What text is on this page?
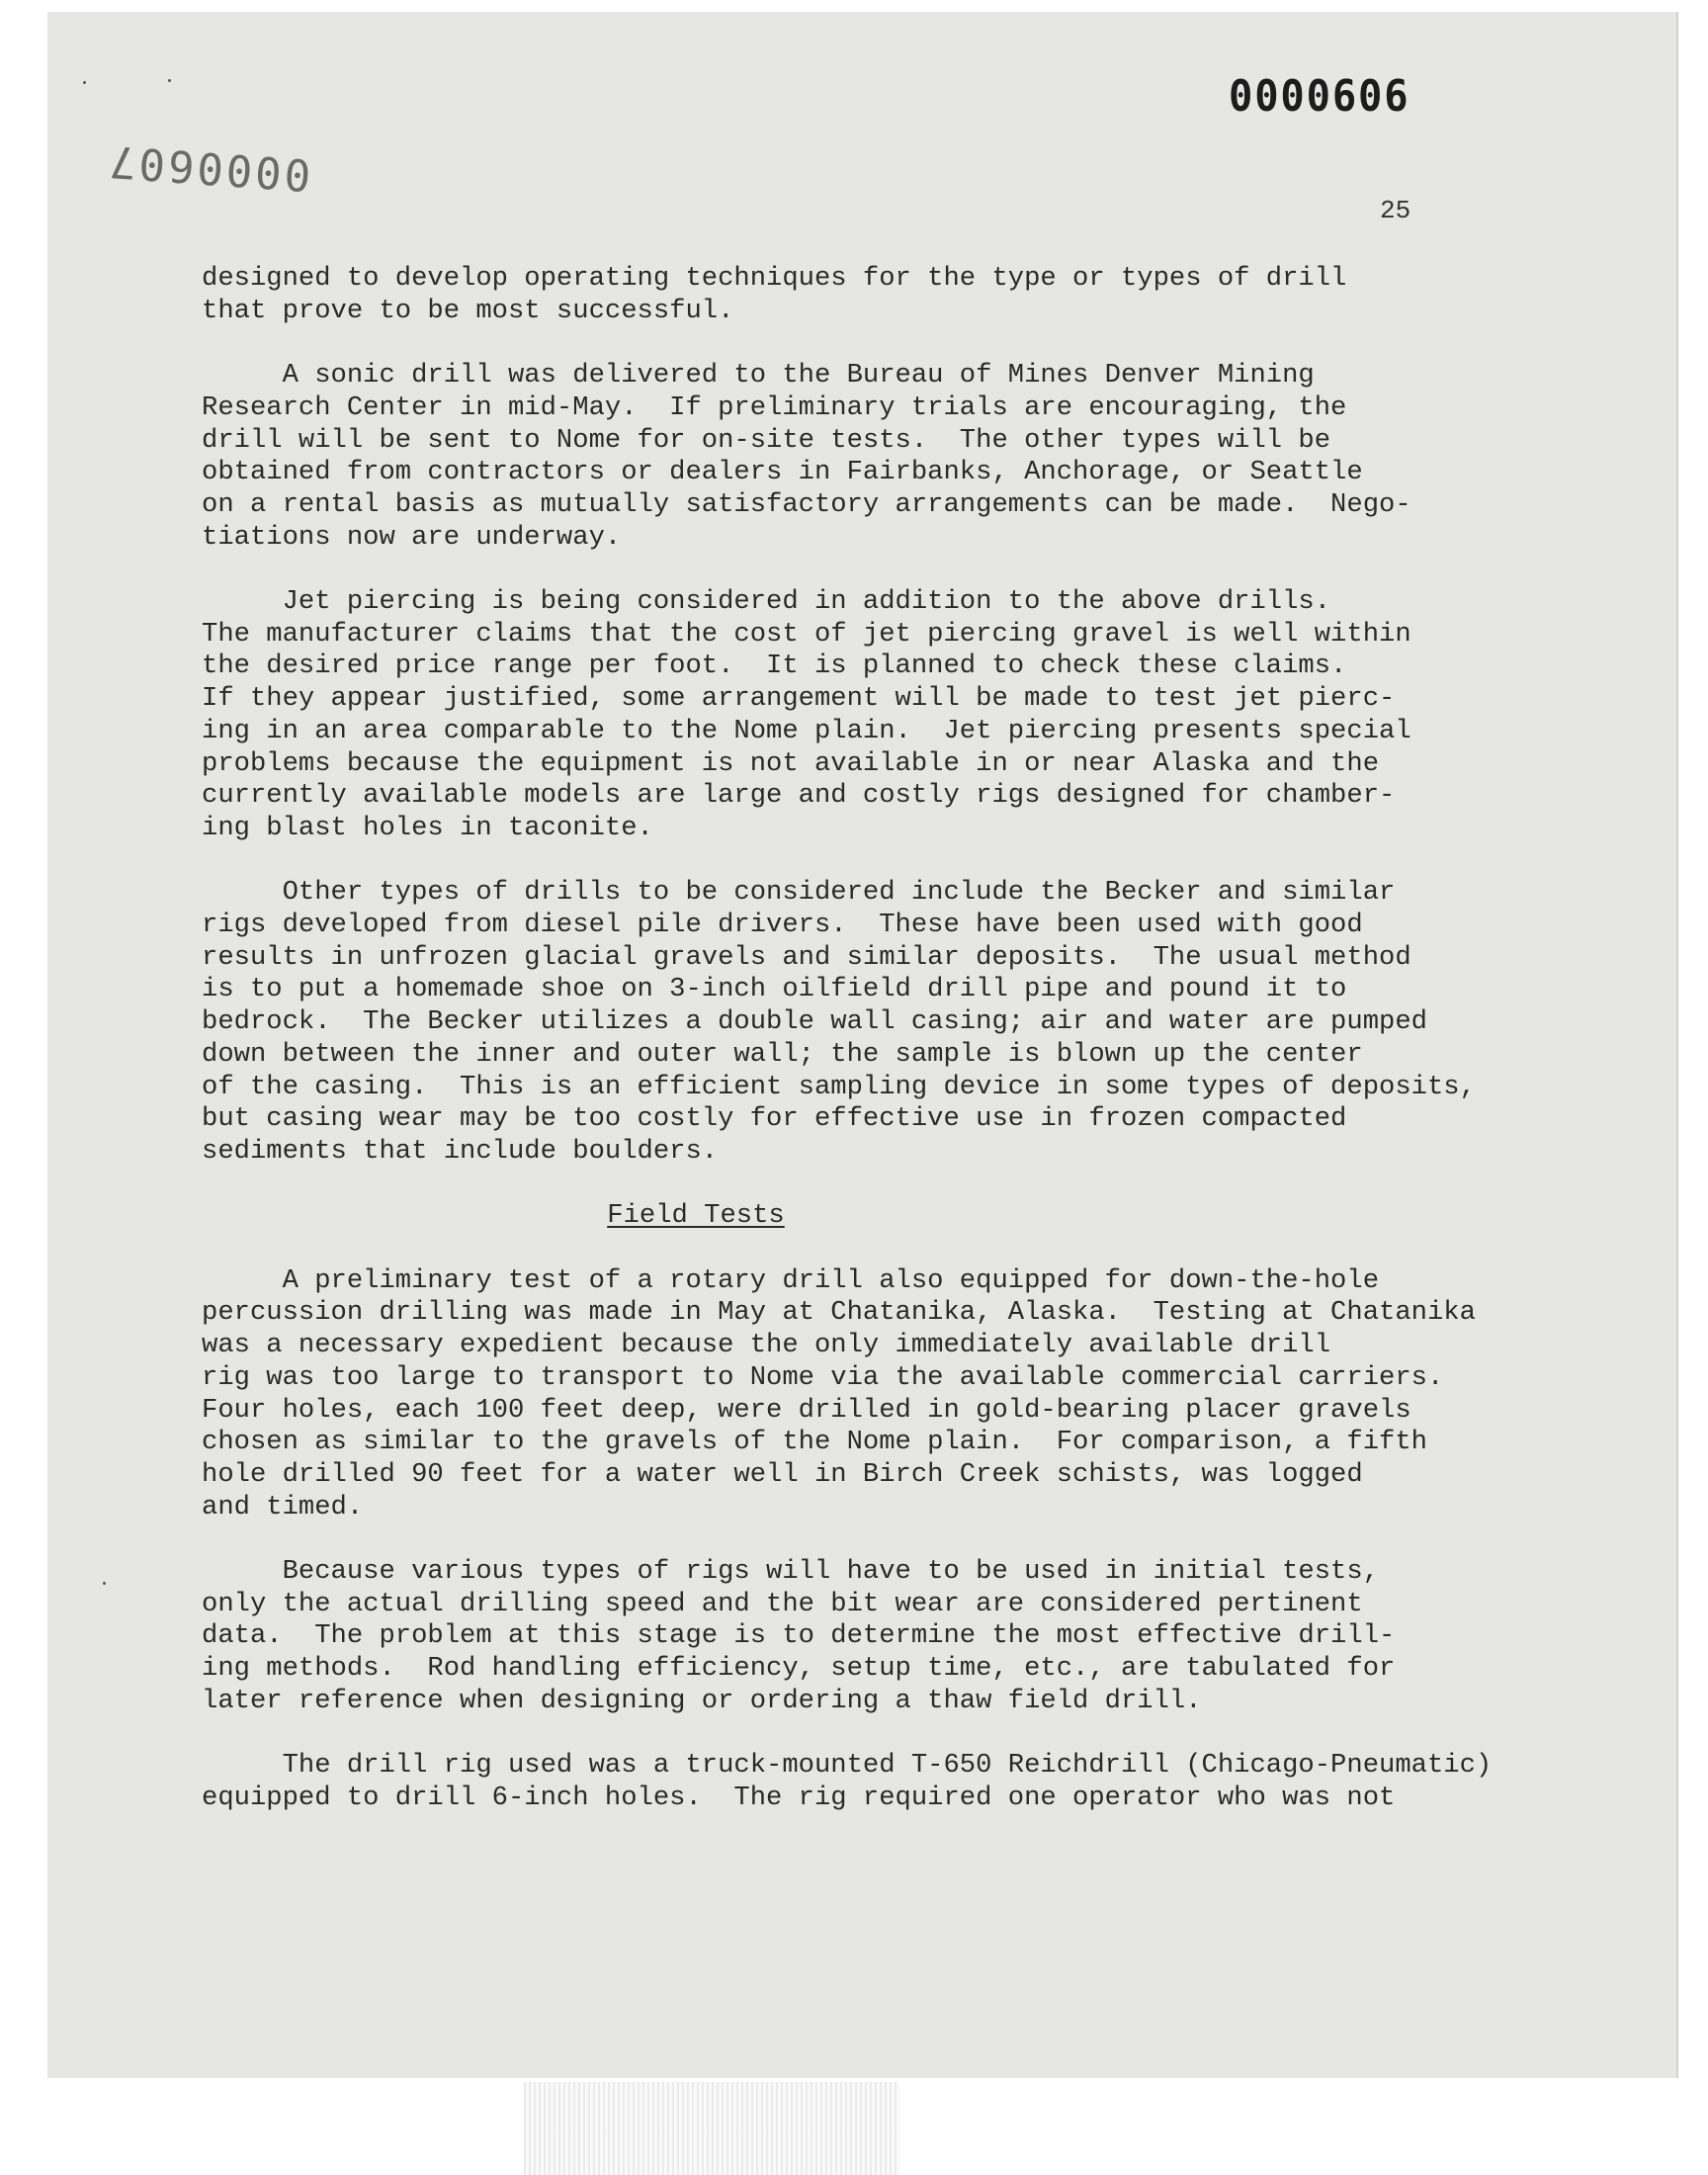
0000606
0000607
25
designed to develop operating techniques for the type or types of drill
that prove to be most successful.
A sonic drill was delivered to the Bureau of Mines Denver Mining
Research Center in mid-May.  If preliminary trials are encouraging, the
drill will be sent to Nome for on-site tests.  The other types will be
obtained from contractors or dealers in Fairbanks, Anchorage, or Seattle
on a rental basis as mutually satisfactory arrangements can be made.  Nego-
tiations now are underway.
Jet piercing is being considered in addition to the above drills.
The manufacturer claims that the cost of jet piercing gravel is well within
the desired price range per foot.  It is planned to check these claims.
If they appear justified, some arrangement will be made to test jet pierc-
ing in an area comparable to the Nome plain.  Jet piercing presents special
problems because the equipment is not available in or near Alaska and the
currently available models are large and costly rigs designed for chamber-
ing blast holes in taconite.
Other types of drills to be considered include the Becker and similar
rigs developed from diesel pile drivers.  These have been used with good
results in unfrozen glacial gravels and similar deposits.  The usual method
is to put a homemade shoe on 3-inch oilfield drill pipe and pound it to
bedrock.  The Becker utilizes a double wall casing; air and water are pumped
down between the inner and outer wall; the sample is blown up the center
of the casing.  This is an efficient sampling device in some types of deposits,
but casing wear may be too costly for effective use in frozen compacted
sediments that include boulders.
Field Tests
A preliminary test of a rotary drill also equipped for down-the-hole
percussion drilling was made in May at Chatanika, Alaska.  Testing at Chatanika
was a necessary expedient because the only immediately available drill
rig was too large to transport to Nome via the available commercial carriers.
Four holes, each 100 feet deep, were drilled in gold-bearing placer gravels
chosen as similar to the gravels of the Nome plain.  For comparison, a fifth
hole drilled 90 feet for a water well in Birch Creek schists, was logged
and timed.
Because various types of rigs will have to be used in initial tests,
only the actual drilling speed and the bit wear are considered pertinent
data.  The problem at this stage is to determine the most effective drill-
ing methods.  Rod handling efficiency, setup time, etc., are tabulated for
later reference when designing or ordering a thaw field drill.
The drill rig used was a truck-mounted T-650 Reichdrill (Chicago-Pneumatic)
equipped to drill 6-inch holes.  The rig required one operator who was not
